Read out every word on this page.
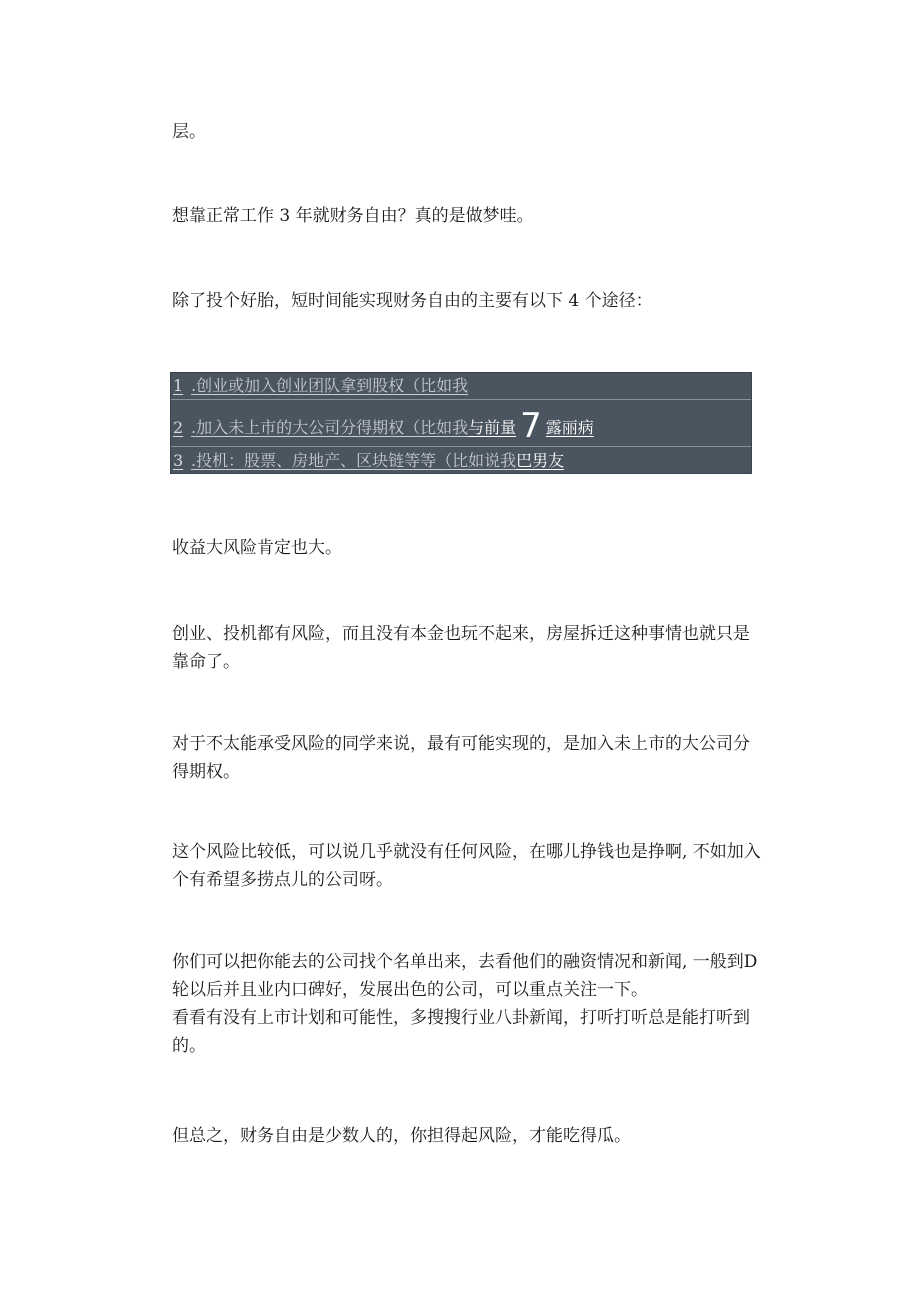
层。

想靠正常工作 3 年就财务自由？真的是做梦哇。

除了投个好胎，短时间能实现财务自由的主要有以下 4 个途径：

1 .创业或加入创业团队拿到股权（比如我
2 .加入未上市的大公司分得期权（比如我与前量 7 露丽病
3 .投机：股票、房地产、区块链等等（比如说我巴男友

收益大风险肯定也大。

创业、投机都有风险，而且没有本金也玩不起来，房屋拆迁这种事情也就只是靠命了。

对于不太能承受风险的同学来说，最有可能实现的，是加入未上市的大公司分得期权。

这个风险比较低，可以说几乎就没有任何风险，在哪儿挣钱也是挣啊, 不如加入个有希望多捞点儿的公司呀。

你们可以把你能去的公司找个名单出来，去看他们的融资情况和新闻, 一般到D 轮以后并且业内口碑好，发展出色的公司，可以重点关注一下。
看看有没有上市计划和可能性，多搜搜行业八卦新闻，打听打听总是能打听到的。

但总之，财务自由是少数人的，你担得起风险，才能吃得瓜。
